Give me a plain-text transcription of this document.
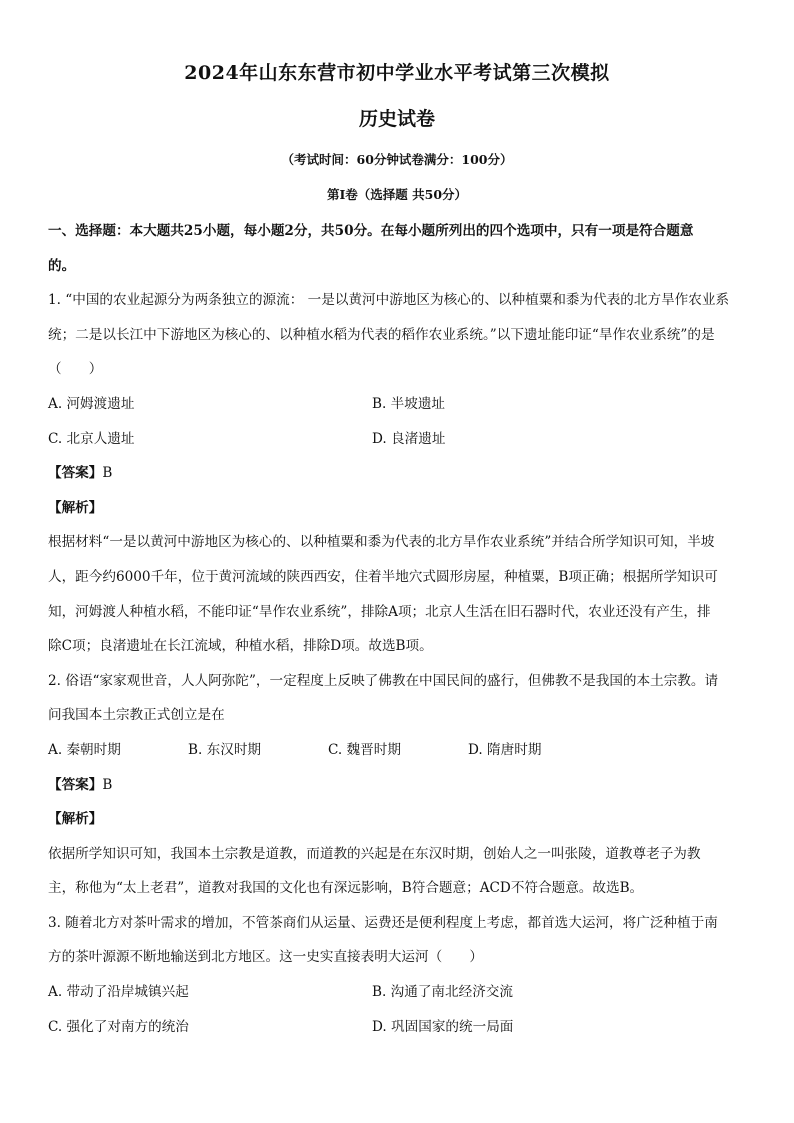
2024年山东东营市初中学业水平考试第三次模拟
历史试卷
（考试时间：60分钟试卷满分：100分）
第Ⅰ卷（选择题 共50分）
一、选择题：本大题共25小题，每小题2分，共50分。在每小题所列出的四个选项中，只有一项是符合题意
的。
1. “中国的农业起源分为两条独立的源流： 一是以黄河中游地区为核心的、以种植粟和黍为代表的北方旱作农业系
统；二是以长江中下游地区为核心的、以种植水稻为代表的稻作农业系统。”以下遗址能印证“旱作农业系统”的是
（　　）
A. 河姆渡遗址	B. 半坡遗址
C. 北京人遗址	D. 良渚遗址
【答案】B
【解析】
根据材料“一是以黄河中游地区为核心的、以种植粟和黍为代表的北方旱作农业系统”并结合所学知识可知，半坡
人，距今约6000千年，位于黄河流域的陕西西安，住着半地穴式圆形房屋，种植粟，B项正确；根据所学知识可
知，河姆渡人种植水稻，不能印证“旱作农业系统”，排除A项；北京人生活在旧石器时代，农业还没有产生，排
除C项；良渚遗址在长江流域，种植水稻，排除D项。故选B项。
2. 俗语“家家观世音，人人阿弥陀”，一定程度上反映了佛教在中国民间的盛行，但佛教不是我国的本土宗教。请
问我国本土宗教正式创立是在
A. 秦朝时期	B. 东汉时期	C. 魏晋时期	D. 隋唐时期
【答案】B
【解析】
依据所学知识可知，我国本土宗教是道教，而道教的兴起是在东汉时期，创始人之一叫张陵，道教尊老子为教
主，称他为“太上老君”，道教对我国的文化也有深远影响，B符合题意；ACD不符合题意。故选B。
3. 随着北方对茶叶需求的增加，不管茶商们从运量、运费还是便利程度上考虑，都首选大运河，将广泛种植于南
方的茶叶源源不断地输送到北方地区。这一史实直接表明大运河（　　）
A. 带动了沿岸城镇兴起	B. 沟通了南北经济交流
C. 强化了对南方的统治	D. 巩固国家的统一局面
